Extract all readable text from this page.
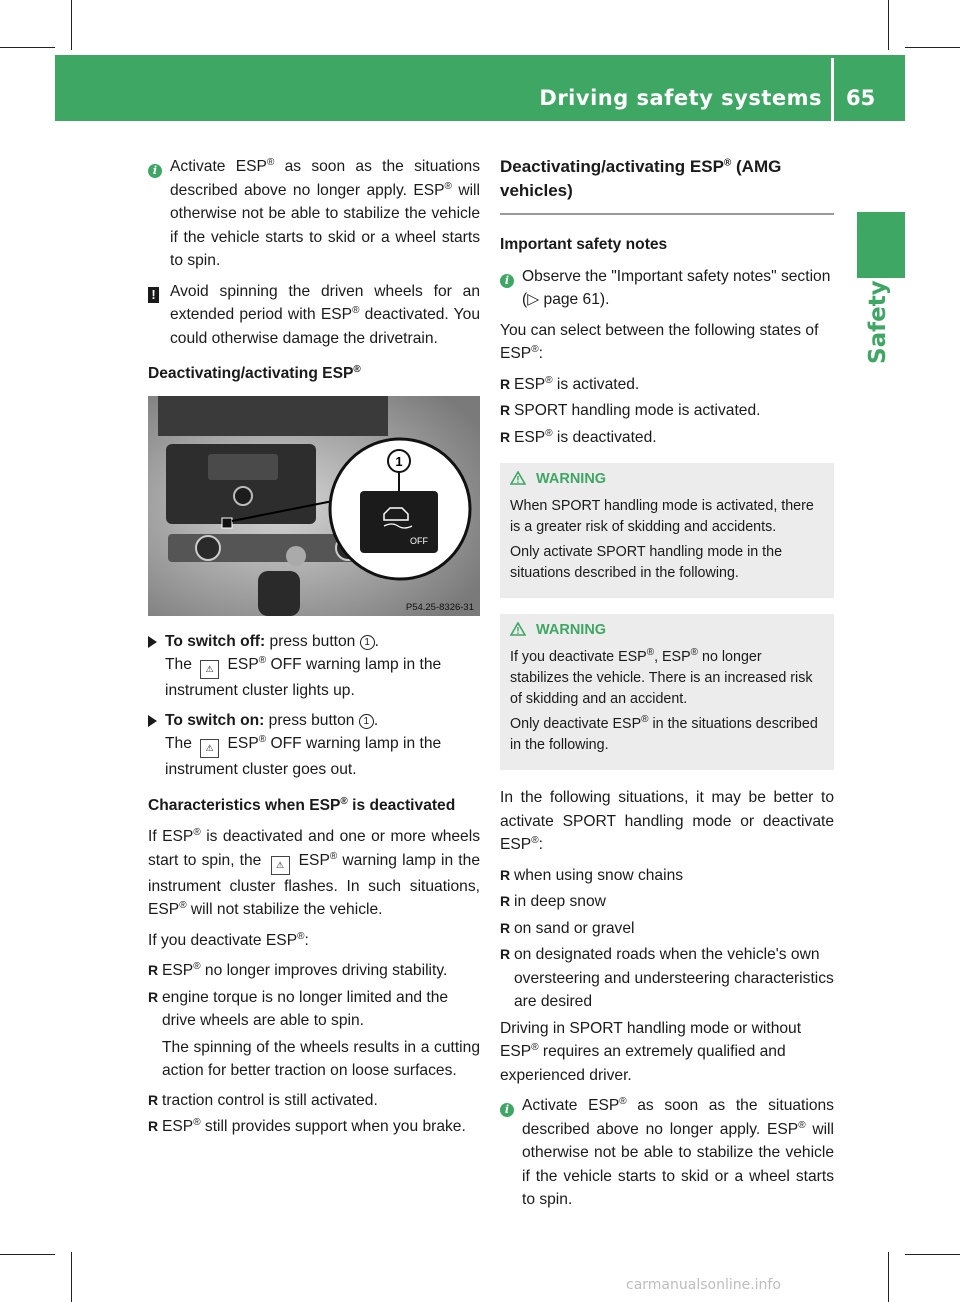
Driving safety systems 65
Safety

i Activate ESP® as soon as the situations described above no longer apply. ESP® will otherwise not be able to stabilize the vehicle if the vehicle starts to skid or a wheel starts to spin.

! Avoid spinning the driven wheels for an extended period with ESP® deactivated. You could otherwise damage the drivetrain.

Deactivating/activating ESP®
1
OFF
P54.25-8326-31
To switch off: press button 1 .
The ⚠ ESP® OFF warning lamp in the instrument cluster lights up.
To switch on: press button 1 .
The ⚠ ESP® OFF warning lamp in the instrument cluster goes out.
Characteristics when ESP® is deactivated

If ESP® is deactivated and one or more wheels start to spin, the ⚠ ESP® warning lamp in the instrument cluster flashes. In such situations, ESP® will not stabilize the vehicle.

If you deactivate ESP®:

R ESP® no longer improves driving stability.
R engine torque is no longer limited and the drive wheels are able to spin.
The spinning of the wheels results in a cutting action for better traction on loose surfaces.
R traction control is still activated.
R ESP® still provides support when you brake.
Deactivating/activating ESP® (AMG vehicles)
Important safety notes

i Observe the "Important safety notes" section (▷ page 61).

You can select between the following states of ESP®:

R ESP® is activated.
R SPORT handling mode is activated.
R ESP® is deactivated.
WARNING

When SPORT handling mode is activated, there is a greater risk of skidding and accidents.

Only activate SPORT handling mode in the situations described in the following.

WARNING

If you deactivate ESP®, ESP® no longer stabilizes the vehicle. There is an increased risk of skidding and an accident.

Only deactivate ESP® in the situations described in the following.

In the following situations, it may be better to activate SPORT handling mode or deactivate ESP®:

R when using snow chains
R in deep snow
R on sand or gravel
R on designated roads when the vehicle's own oversteering and understeering characteristics are desired

Driving in SPORT handling mode or without ESP® requires an extremely qualified and experienced driver.

i Activate ESP® as soon as the situations described above no longer apply. ESP® will otherwise not be able to stabilize the vehicle if the vehicle starts to skid or a wheel starts to spin.

carmanualsonline.info
